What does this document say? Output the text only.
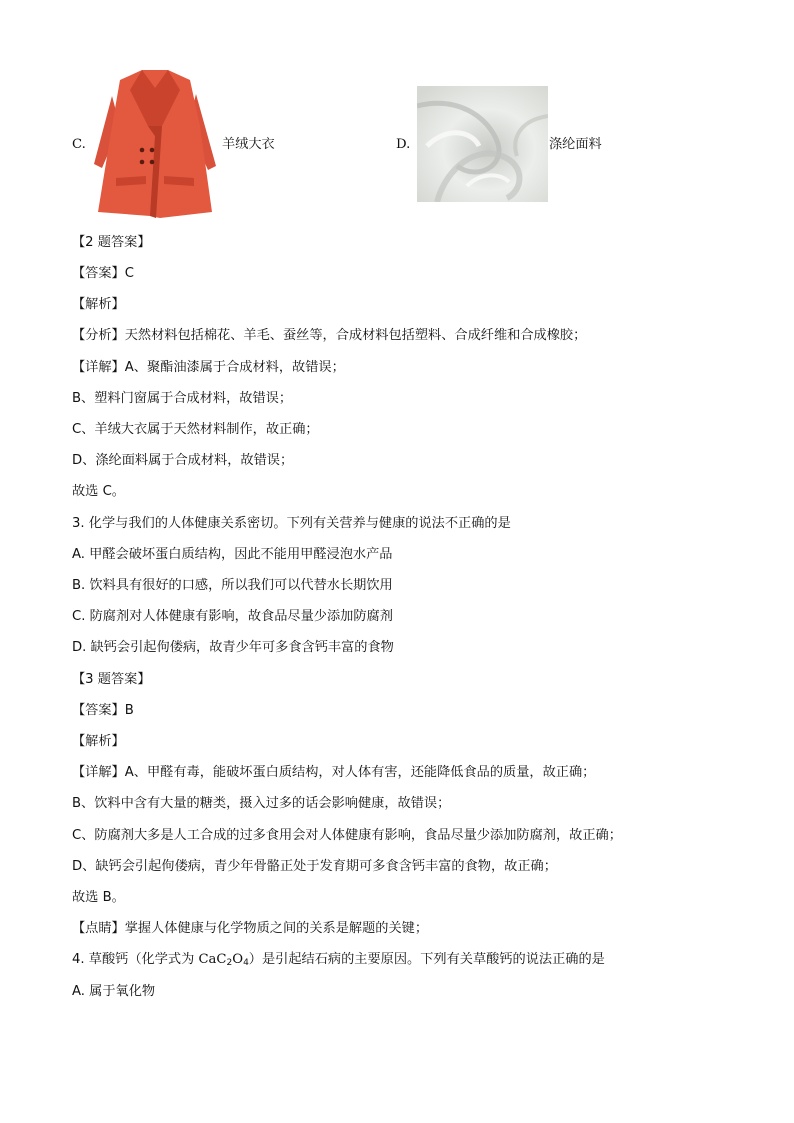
C.	羊绒大衣	D.	涤纶面料
【2 题答案】
【答案】C
【解析】
【分析】天然材料包括棉花、羊毛、蚕丝等，合成材料包括塑料、合成纤维和合成橡胶；
【详解】A、聚酯油漆属于合成材料，故错误；
B、塑料门窗属于合成材料，故错误；
C、羊绒大衣属于天然材料制作，故正确；
D、涤纶面料属于合成材料，故错误；
故选 C。
3. 化学与我们的人体健康关系密切。下列有关营养与健康的说法不正确的是
A. 甲醛会破坏蛋白质结构，因此不能用甲醛浸泡水产品
B. 饮料具有很好的口感，所以我们可以代替水长期饮用
C. 防腐剂对人体健康有影响，故食品尽量少添加防腐剂
D. 缺钙会引起佝偻病，故青少年可多食含钙丰富的食物
【3 题答案】
【答案】B
【解析】
【详解】A、甲醛有毒，能破坏蛋白质结构，对人体有害，还能降低食品的质量，故正确；
B、饮料中含有大量的糖类，摄入过多的话会影响健康，故错误；
C、防腐剂大多是人工合成的过多食用会对人体健康有影响，食品尽量少添加防腐剂，故正确；
D、缺钙会引起佝偻病，青少年骨骼正处于发育期可多食含钙丰富的食物，故正确；
故选 B。
【点睛】掌握人体健康与化学物质之间的关系是解题的关键；
4. 草酸钙（化学式为 $CaC_2O_4$）是引起结石病的主要原因。下列有关草酸钙的说法正确的是
A. 属于氧化物
